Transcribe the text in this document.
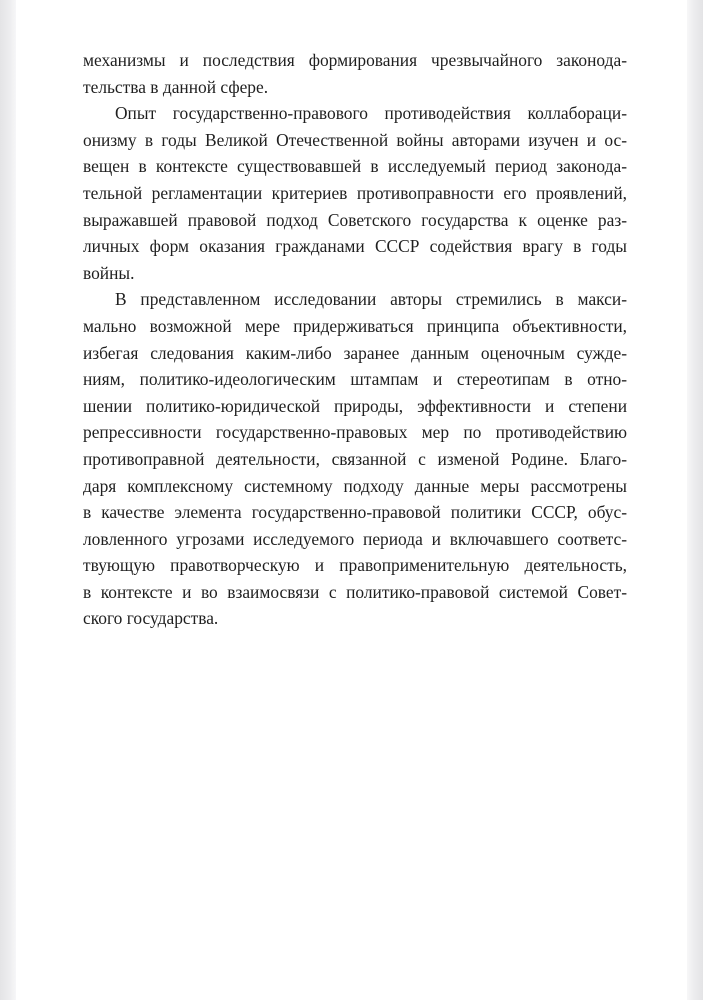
механизмы и последствия формирования чрезвычайного законода-
тельства в данной сфере.

Опыт государственно-правового противодействия коллабораци-
онизму в годы Великой Отечественной войны авторами изучен и ос-
вещен в контексте существовавшей в исследуемый период законода-
тельной регламентации критериев противоправности его проявлений,
выражавшей правовой подход Советского государства к оценке раз-
личных форм оказания гражданами СССР содействия врагу в годы
войны.

В представленном исследовании авторы стремились в макси-
мально возможной мере придерживаться принципа объективности,
избегая следования каким-либо заранее данным оценочным сужде-
ниям, политико-идеологическим штампам и стереотипам в отно-
шении политико-юридической природы, эффективности и степени
репрессивности государственно-правовых мер по противодействию
противоправной деятельности, связанной с изменой Родине. Благо-
даря комплексному системному подходу данные меры рассмотрены
в качестве элемента государственно-правовой политики СССР, обус-
ловленного угрозами исследуемого периода и включавшего соответс-
твующую правотворческую и правоприменительную деятельность,
в контексте и во взаимосвязи с политико-правовой системой Совет-
ского государства.
